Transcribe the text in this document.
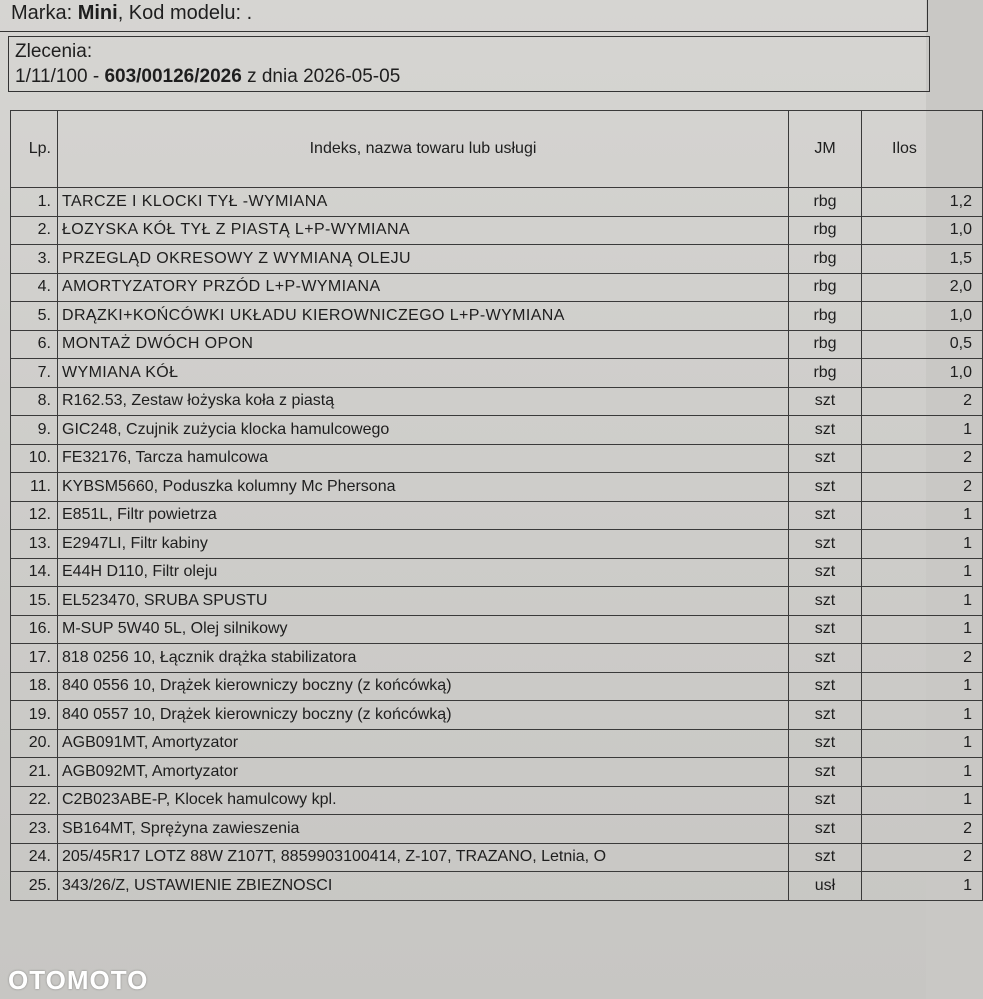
Marka: Mini, Kod modelu: .
Zlecenia:
1/11/100 - 603/00126/2026 z dnia 2026-05-05
Lp.	Indeks, nazwa towaru lub usługi	JM	Ilos
1.	TARCZE I KLOCKI TYŁ -WYMIANA	rbg	1,2
2.	ŁOZYSKA KÓŁ TYŁ Z PIASTĄ L+P-WYMIANA	rbg	1,0
3.	PRZEGLĄD OKRESOWY Z WYMIANĄ OLEJU	rbg	1,5
4.	AMORTYZATORY PRZÓD L+P-WYMIANA	rbg	2,0
5.	DRĄZKI+KOŃCÓWKI UKŁADU KIEROWNICZEGO L+P-WYMIANA	rbg	1,0
6.	MONTAŻ DWÓCH OPON	rbg	0,5
7.	WYMIANA KÓŁ	rbg	1,0
8.	R162.53, Zestaw łożyska koła z piastą	szt	2
9.	GIC248, Czujnik zużycia klocka hamulcowego	szt	1
10.	FE32176, Tarcza hamulcowa	szt	2
11.	KYBSM5660, Poduszka kolumny Mc Phersona	szt	2
12.	E851L, Filtr powietrza	szt	1
13.	E2947LI, Filtr kabiny	szt	1
14.	E44H D110, Filtr oleju	szt	1
15.	EL523470, SRUBA SPUSTU	szt	1
16.	M-SUP 5W40 5L, Olej silnikowy	szt	1
17.	818 0256 10, Łącznik drążka stabilizatora	szt	2
18.	840 0556 10, Drążek kierowniczy boczny (z końcówką)	szt	1
19.	840 0557 10, Drążek kierowniczy boczny (z końcówką)	szt	1
20.	AGB091MT, Amortyzator	szt	1
21.	AGB092MT, Amortyzator	szt	1
22.	C2B023ABE-P, Klocek hamulcowy kpl.	szt	1
23.	SB164MT, Sprężyna zawieszenia	szt	2
24.	205/45R17 LOTZ 88W Z107T, 8859903100414, Z-107, TRAZANO, Letnia, O	szt	2
25.	343/26/Z, USTAWIENIE ZBIEZNOSCI	usł	1
OTOMOTO
